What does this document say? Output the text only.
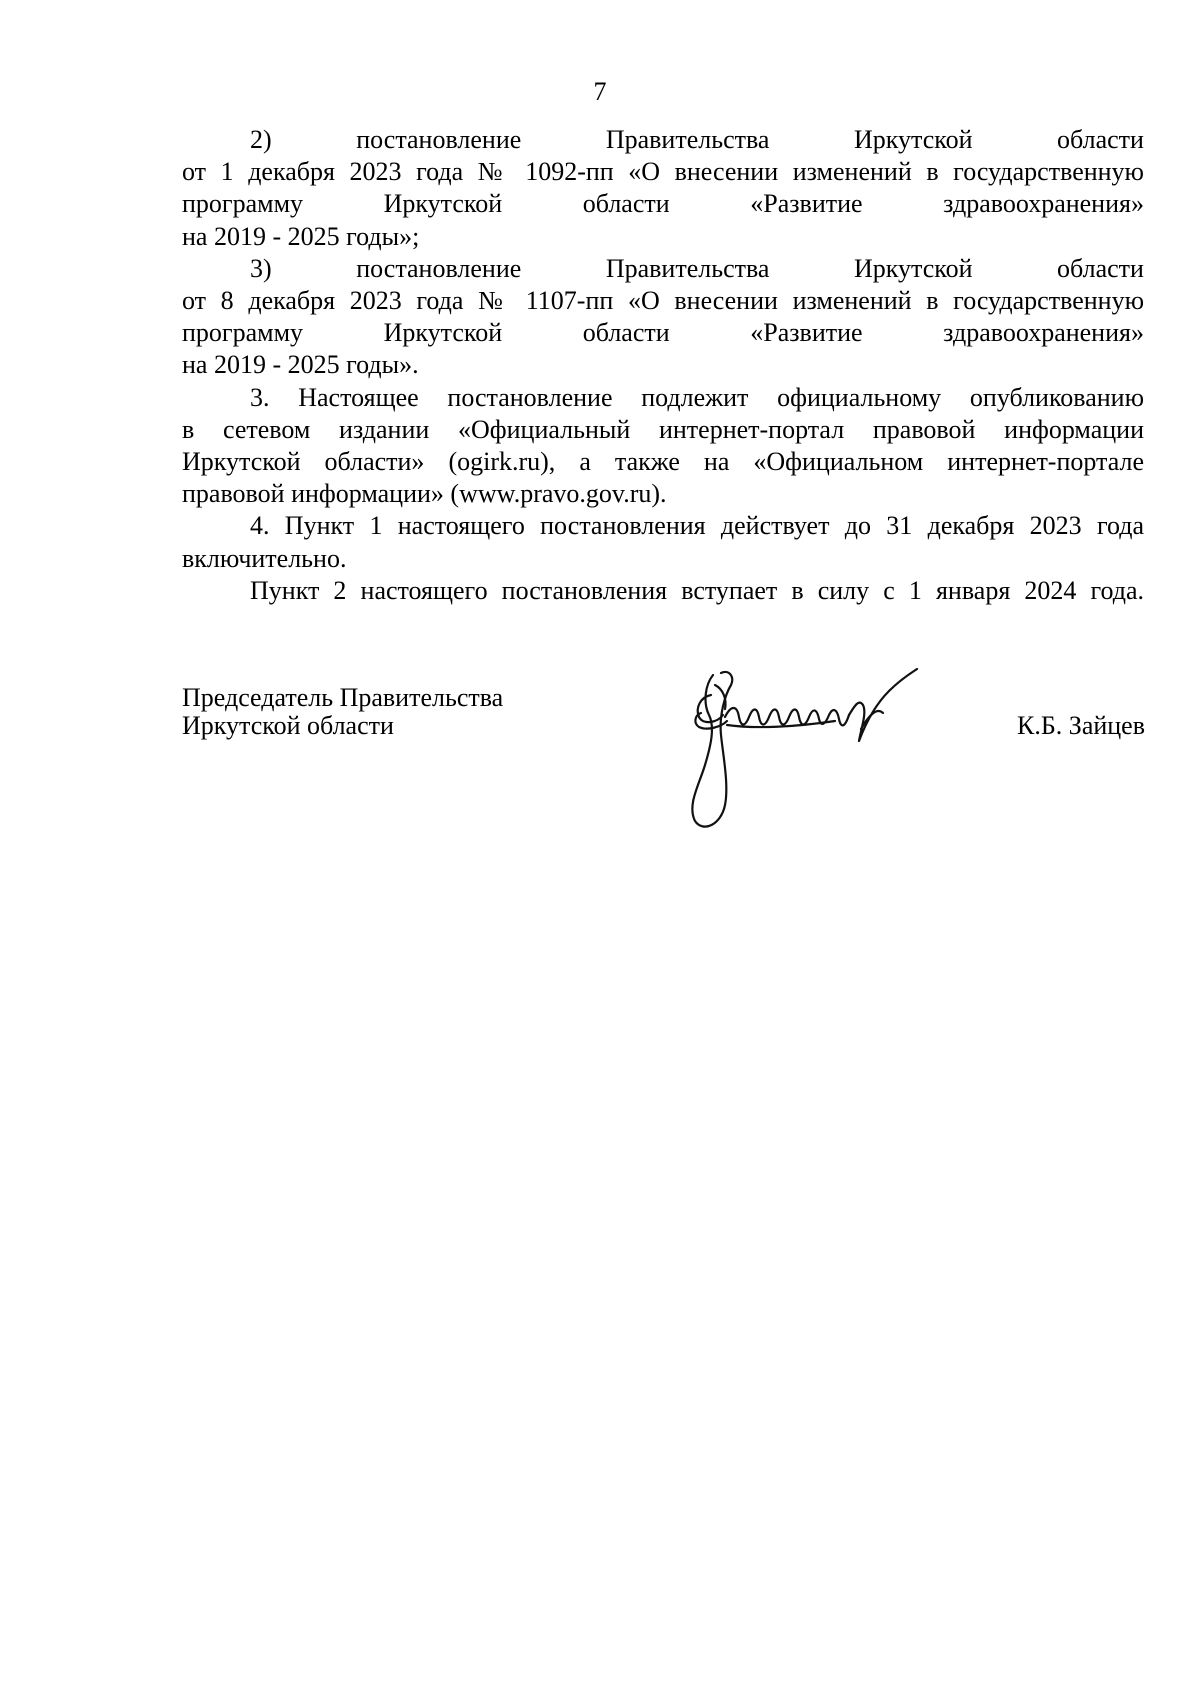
7
2)	постановление	Правительства	Иркутской	области
от 1 декабря 2023 года № 1092-пп «О внесении изменений в государственную
программу	Иркутской	области	«Развитие	здравоохранения»
на 2019 - 2025 годы»;
3)	постановление	Правительства	Иркутской	области
от 8 декабря 2023 года № 1107-пп «О внесении изменений в государственную
программу	Иркутской	области	«Развитие	здравоохранения»
на 2019 - 2025 годы».
3. Настоящее постановление подлежит официальному опубликованию
в сетевом издании «Официальный интернет-портал правовой информации
Иркутской области» (ogirk.ru), а также на «Официальном интернет-портале
правовой информации» (www.pravo.gov.ru).
4. Пункт 1 настоящего постановления действует до 31 декабря 2023 года
включительно.
Пункт 2 настоящего постановления вступает в силу с 1 января 2024 года.
Председатель Правительства
Иркутской области	К.Б. Зайцев
